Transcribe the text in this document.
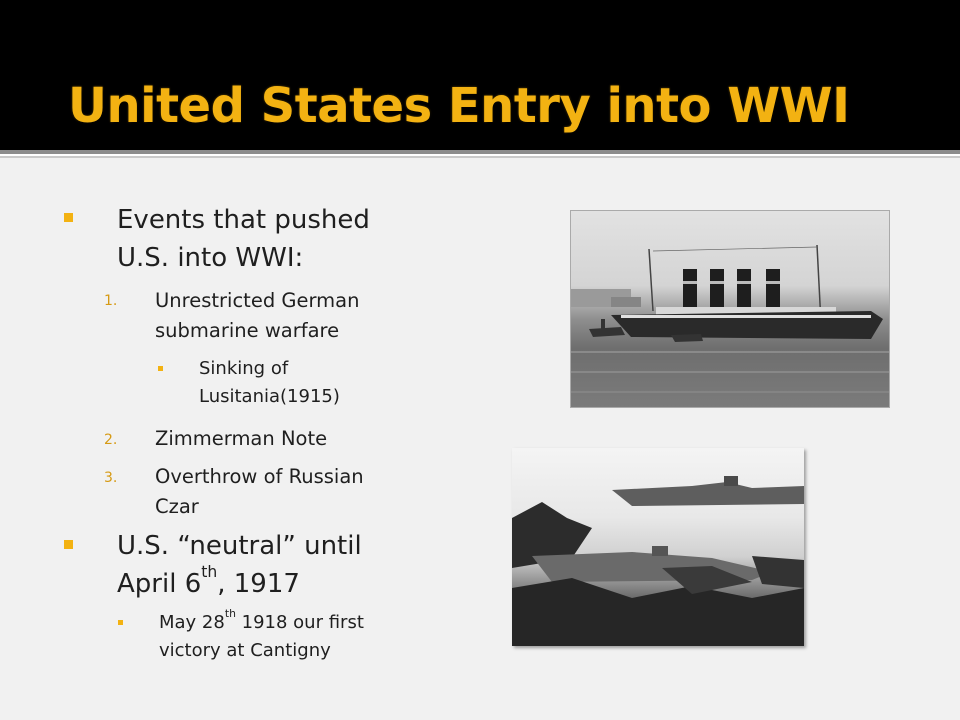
United States Entry into WWI
Events that pushed
U.S. into WWI:
1. Unrestricted German
submarine warfare
Sinking of
Lusitania(1915)
2. Zimmerman Note
3. Overthrow of Russian
Czar
U.S. “neutral” until
April 6th, 1917
May 28th 1918 our first
victory at Cantigny
